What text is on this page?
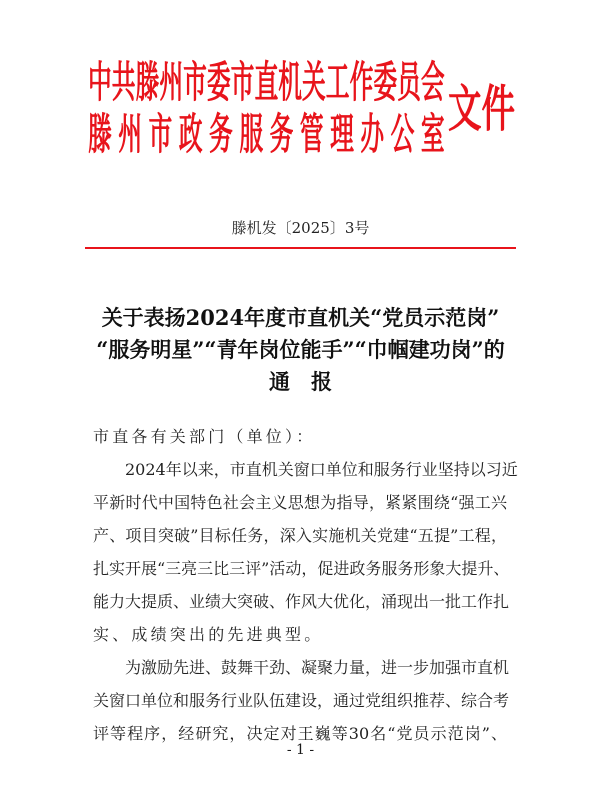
中共滕州市委市直机关工作委员会
滕州市政务服务管理办公室 文件
滕机发〔2025〕3号
关于表扬2024年度市直机关“党员示范岗”
“服务明星”“青年岗位能手”“巾帼建功岗”的
通　报
市直各有关部门（单位）：
　　2024年以来，市直机关窗口单位和服务行业坚持以习近
平新时代中国特色社会主义思想为指导，紧紧围绕“强工兴
产、项目突破”目标任务，深入实施机关党建“五提”工程，
扎实开展“三亮三比三评”活动，促进政务服务形象大提升、
能力大提质、业绩大突破、作风大优化，涌现出一批工作扎
实、成绩突出的先进典型。
　　为激励先进、鼓舞干劲、凝聚力量，进一步加强市直机
关窗口单位和服务行业队伍建设，通过党组织推荐、综合考
评等程序，经研究，决定对王巍等30名“党员示范岗”、
- 1 -
